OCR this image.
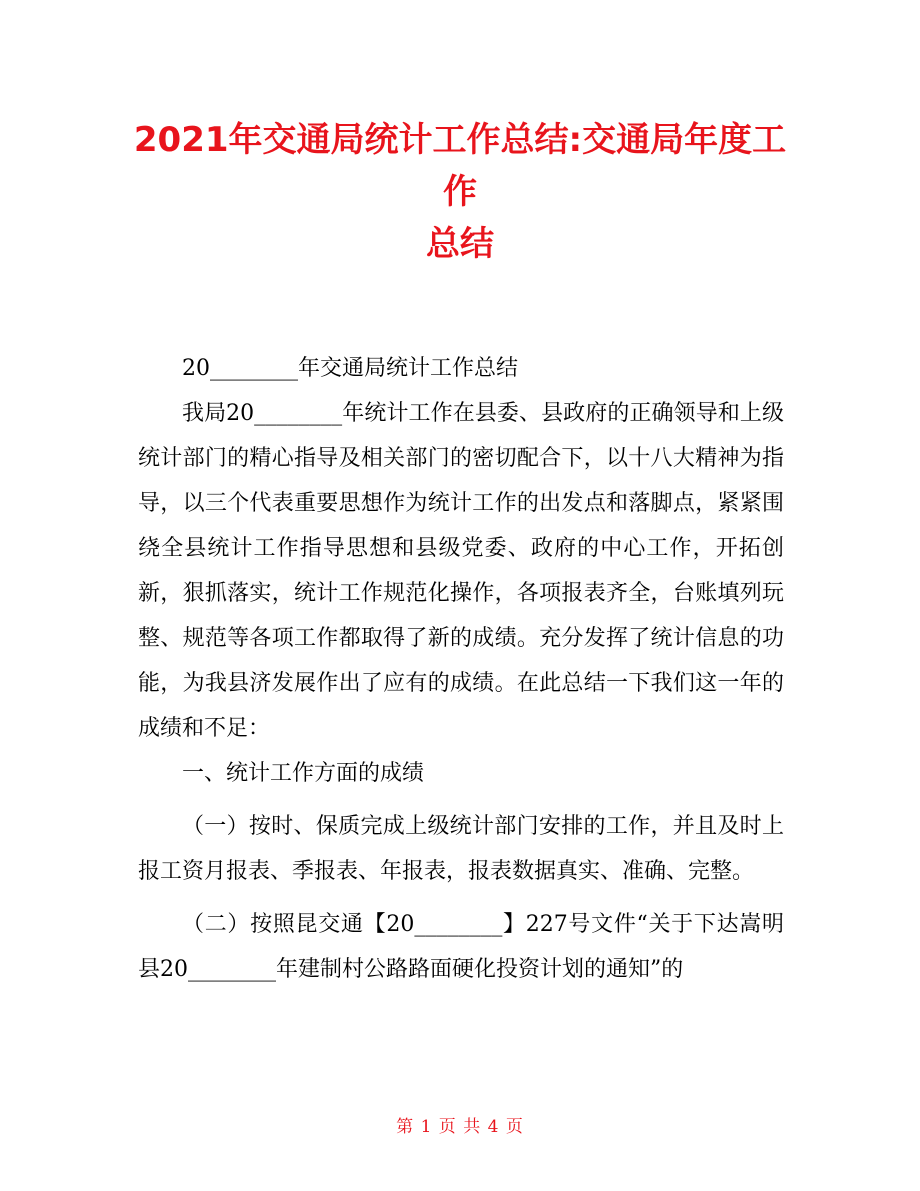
2021年交通局统计工作总结:交通局年度工作
总结

20________年交通局统计工作总结

我局20________年统计工作在县委、县政府的正确领导和上级统计部门的精心指导及相关部门的密切配合下，以十八大精神为指导，以三个代表重要思想作为统计工作的出发点和落脚点，紧紧围绕全县统计工作指导思想和县级党委、政府的中心工作，开拓创新，狠抓落实，统计工作规范化操作，各项报表齐全，台账填列玩整、规范等各项工作都取得了新的成绩。充分发挥了统计信息的功能，为我县济发展作出了应有的成绩。在此总结一下我们这一年的成绩和不足：

一、统计工作方面的成绩

（一）按时、保质完成上级统计部门安排的工作，并且及时上报工资月报表、季报表、年报表，报表数据真实、准确、完整。

（二）按照昆交通【20________】227号文件“关于下达嵩明县20________年建制村公路路面硬化投资计划的通知”的

第 1 页 共 4 页
